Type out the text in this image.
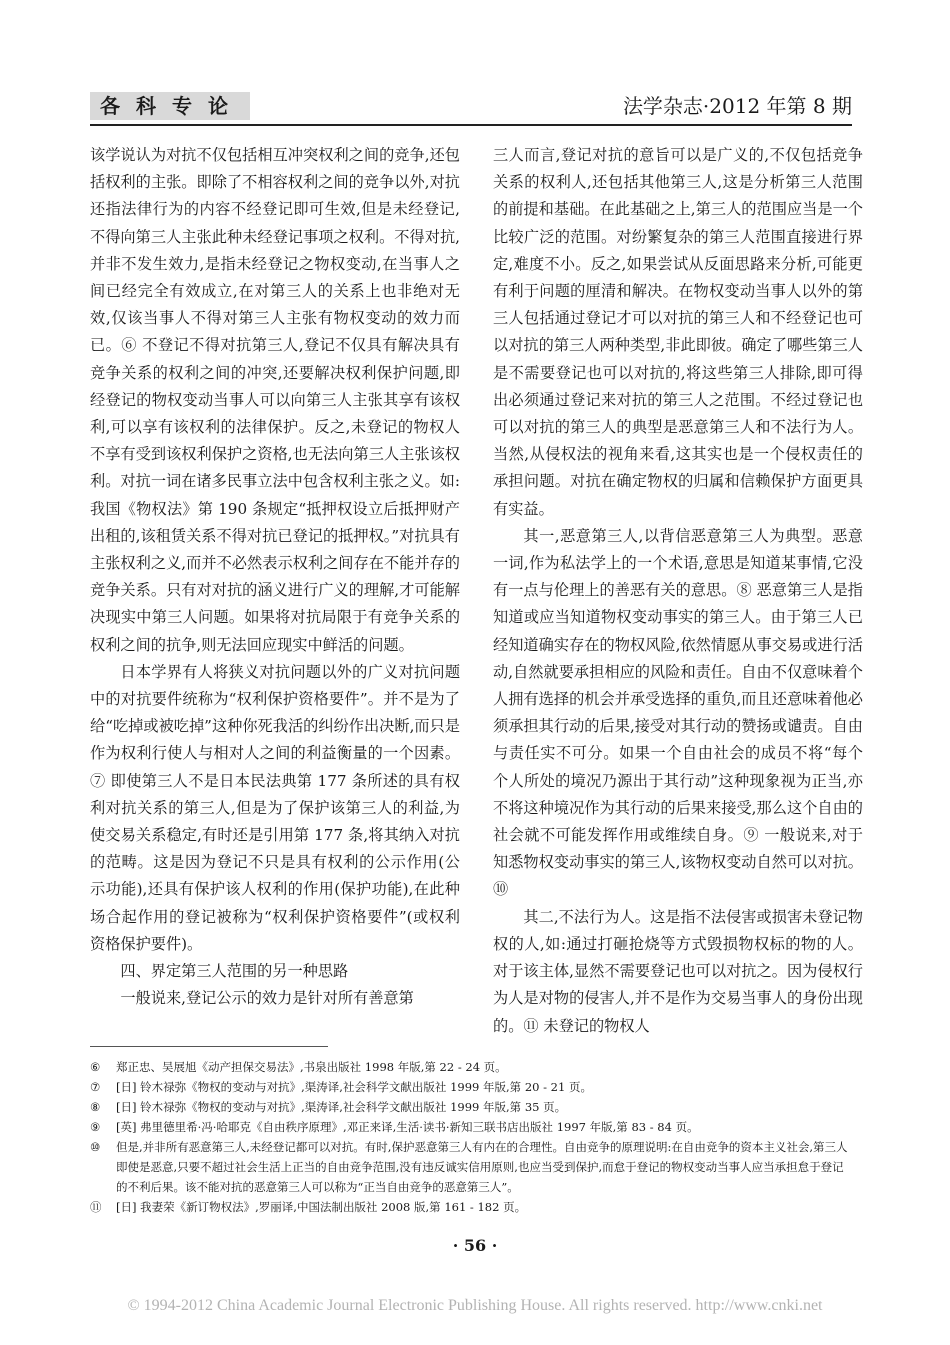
各科专论	法学杂志·2012 年第 8 期

该学说认为对抗不仅包括相互冲突权利之间的竞争,还包括权利的主张。即除了不相容权利之间的竞争以外,对抗还指法律行为的内容不经登记即可生效,但是未经登记,不得向第三人主张此种未经登记事项之权利。不得对抗,并非不发生效力,是指未经登记之物权变动,在当事人之间已经完全有效成立,在对第三人的关系上也非绝对无效,仅该当事人不得对第三人主张有物权变动的效力而已。⑥ 不登记不得对抗第三人,登记不仅具有解决具有竞争关系的权利之间的冲突,还要解决权利保护问题,即经登记的物权变动当事人可以向第三人主张其享有该权利,可以享有该权利的法律保护。反之,未登记的物权人不享有受到该权利保护之资格,也无法向第三人主张该权利。对抗一词在诸多民事立法中包含权利主张之义。如:我国《物权法》第 190 条规定“抵押权设立后抵押财产出租的,该租赁关系不得对抗已登记的抵押权。”对抗具有主张权利之义,而并不必然表示权利之间存在不能并存的竞争关系。只有对对抗的涵义进行广义的理解,才可能解决现实中第三人问题。如果将对抗局限于有竞争关系的权利之间的抗争,则无法回应现实中鲜活的问题。

日本学界有人将狭义对抗问题以外的广义对抗问题中的对抗要件统称为“权利保护资格要件”。并不是为了给“吃掉或被吃掉”这种你死我活的纠纷作出决断,而只是作为权利行使人与相对人之间的利益衡量的一个因素。⑦ 即使第三人不是日本民法典第 177 条所述的具有权利对抗关系的第三人,但是为了保护该第三人的利益,为使交易关系稳定,有时还是引用第 177 条,将其纳入对抗的范畴。这是因为登记不只是具有权利的公示作用(公示功能),还具有保护该人权利的作用(保护功能),在此种场合起作用的登记被称为“权利保护资格要件”(或权利资格保护要件)。

四、界定第三人范围的另一种思路

一般说来,登记公示的效力是针对所有善意第

三人而言,登记对抗的意旨可以是广义的,不仅包括竞争关系的权利人,还包括其他第三人,这是分析第三人范围的前提和基础。在此基础之上,第三人的范围应当是一个比较广泛的范围。对纷繁复杂的第三人范围直接进行界定,难度不小。反之,如果尝试从反面思路来分析,可能更有利于问题的厘清和解决。在物权变动当事人以外的第三人包括通过登记才可以对抗的第三人和不经登记也可以对抗的第三人两种类型,非此即彼。确定了哪些第三人是不需要登记也可以对抗的,将这些第三人排除,即可得出必须通过登记来对抗的第三人之范围。不经过登记也可以对抗的第三人的典型是恶意第三人和不法行为人。当然,从侵权法的视角来看,这其实也是一个侵权责任的承担问题。对抗在确定物权的归属和信赖保护方面更具有实益。

其一,恶意第三人,以背信恶意第三人为典型。恶意一词,作为私法学上的一个术语,意思是知道某事情,它没有一点与伦理上的善恶有关的意思。⑧ 恶意第三人是指知道或应当知道物权变动事实的第三人。由于第三人已经知道确实存在的物权风险,依然情愿从事交易或进行活动,自然就要承担相应的风险和责任。自由不仅意味着个人拥有选择的机会并承受选择的重负,而且还意味着他必须承担其行动的后果,接受对其行动的赞扬或谴责。自由与责任实不可分。如果一个自由社会的成员不将“每个个人所处的境况乃源出于其行动”这种现象视为正当,亦不将这种境况作为其行动的后果来接受,那么这个自由的社会就不可能发挥作用或维续自身。⑨ 一般说来,对于知悉物权变动事实的第三人,该物权变动自然可以对抗。⑩

其二,不法行为人。这是指不法侵害或损害未登记物权的人,如:通过打砸抢烧等方式毁损物权标的物的人。对于该主体,显然不需要登记也可以对抗之。因为侵权行为人是对物的侵害人,并不是作为交易当事人的身份出现的。⑪ 未登记的物权人

⑥ 郑正忠、吴展旭《动产担保交易法》,书泉出版社 1998 年版,第 22 - 24 页。

⑦ [日] 铃木禄弥《物权的变动与对抗》,渠涛译,社会科学文献出版社 1999 年版,第 20 - 21 页。

⑧ [日] 铃木禄弥《物权的变动与对抗》,渠涛译,社会科学文献出版社 1999 年版,第 35 页。

⑨ [英] 弗里德里希·冯·哈耶克《自由秩序原理》,邓正来译,生活·读书·新知三联书店出版社 1997 年版,第 83 - 84 页。

⑩ 但是,并非所有恶意第三人,未经登记都可以对抗。有时,保护恶意第三人有内在的合理性。自由竞争的原理说明:在自由竞争的资本主义社会,第三人即使是恶意,只要不超过社会生活上正当的自由竞争范围,没有违反诚实信用原则,也应当受到保护,而怠于登记的物权变动当事人应当承担怠于登记的不利后果。该不能对抗的恶意第三人可以称为“正当自由竞争的恶意第三人”。

⑪ [日] 我妻荣《新订物权法》,罗丽译,中国法制出版社 2008 版,第 161 - 182 页。

· 56 ·
© 1994-2012 China Academic Journal Electronic Publishing House. All rights reserved. http://www.cnki.net
